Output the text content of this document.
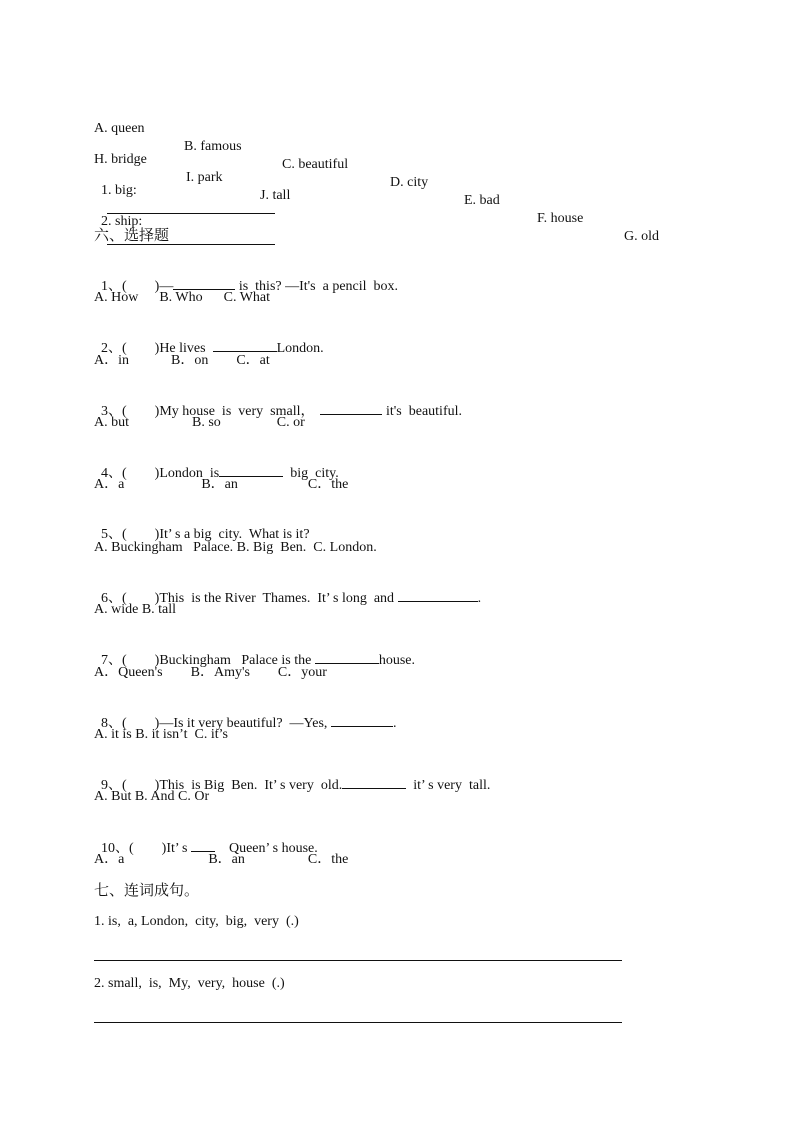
A. queen

B. famous

C. beautiful

D. city

E. bad

F. house

G. old

H. bridge

I. park

J. tall

1. big:

2. ship:

六、选择题

1、(        )—	is  this? —It's  a pencil  box.

A. How      B. Who      C. What

2、(        )He lives	London.

A．in            B．on        C．at

3、(        )My house  is  very  small，	it's  beautiful.

A. but                  B. so                C. or

4、(        )London  is	big  city.

A．a                      B．an                    C．the

5、(        )It’ s a big  city.  What is it?

A. Buckingham   Palace. B. Big  Ben.  C. London.

6、(        )This  is the River  Thames.  It’ s long  and	.

A. wide B. tall

7、(        )Buckingham   Palace is the	house.

A．Queen's        B．Amy's        C．your

8、(        )—Is it very beautiful?  —Yes,	.

A. it is B. it isn’t  C. it’s

9、(        )This  is Big  Ben.  It’ s very  old.	it’ s very  tall.

A. But B. And C. Or

10、(        )It’ s     Queen’ s house.

A．a                        B．an                  C．the
七、连词成句。
1. is,  a, London,  city,  big,  very  (.)
2. small,  is,  My,  very,  house  (.)
